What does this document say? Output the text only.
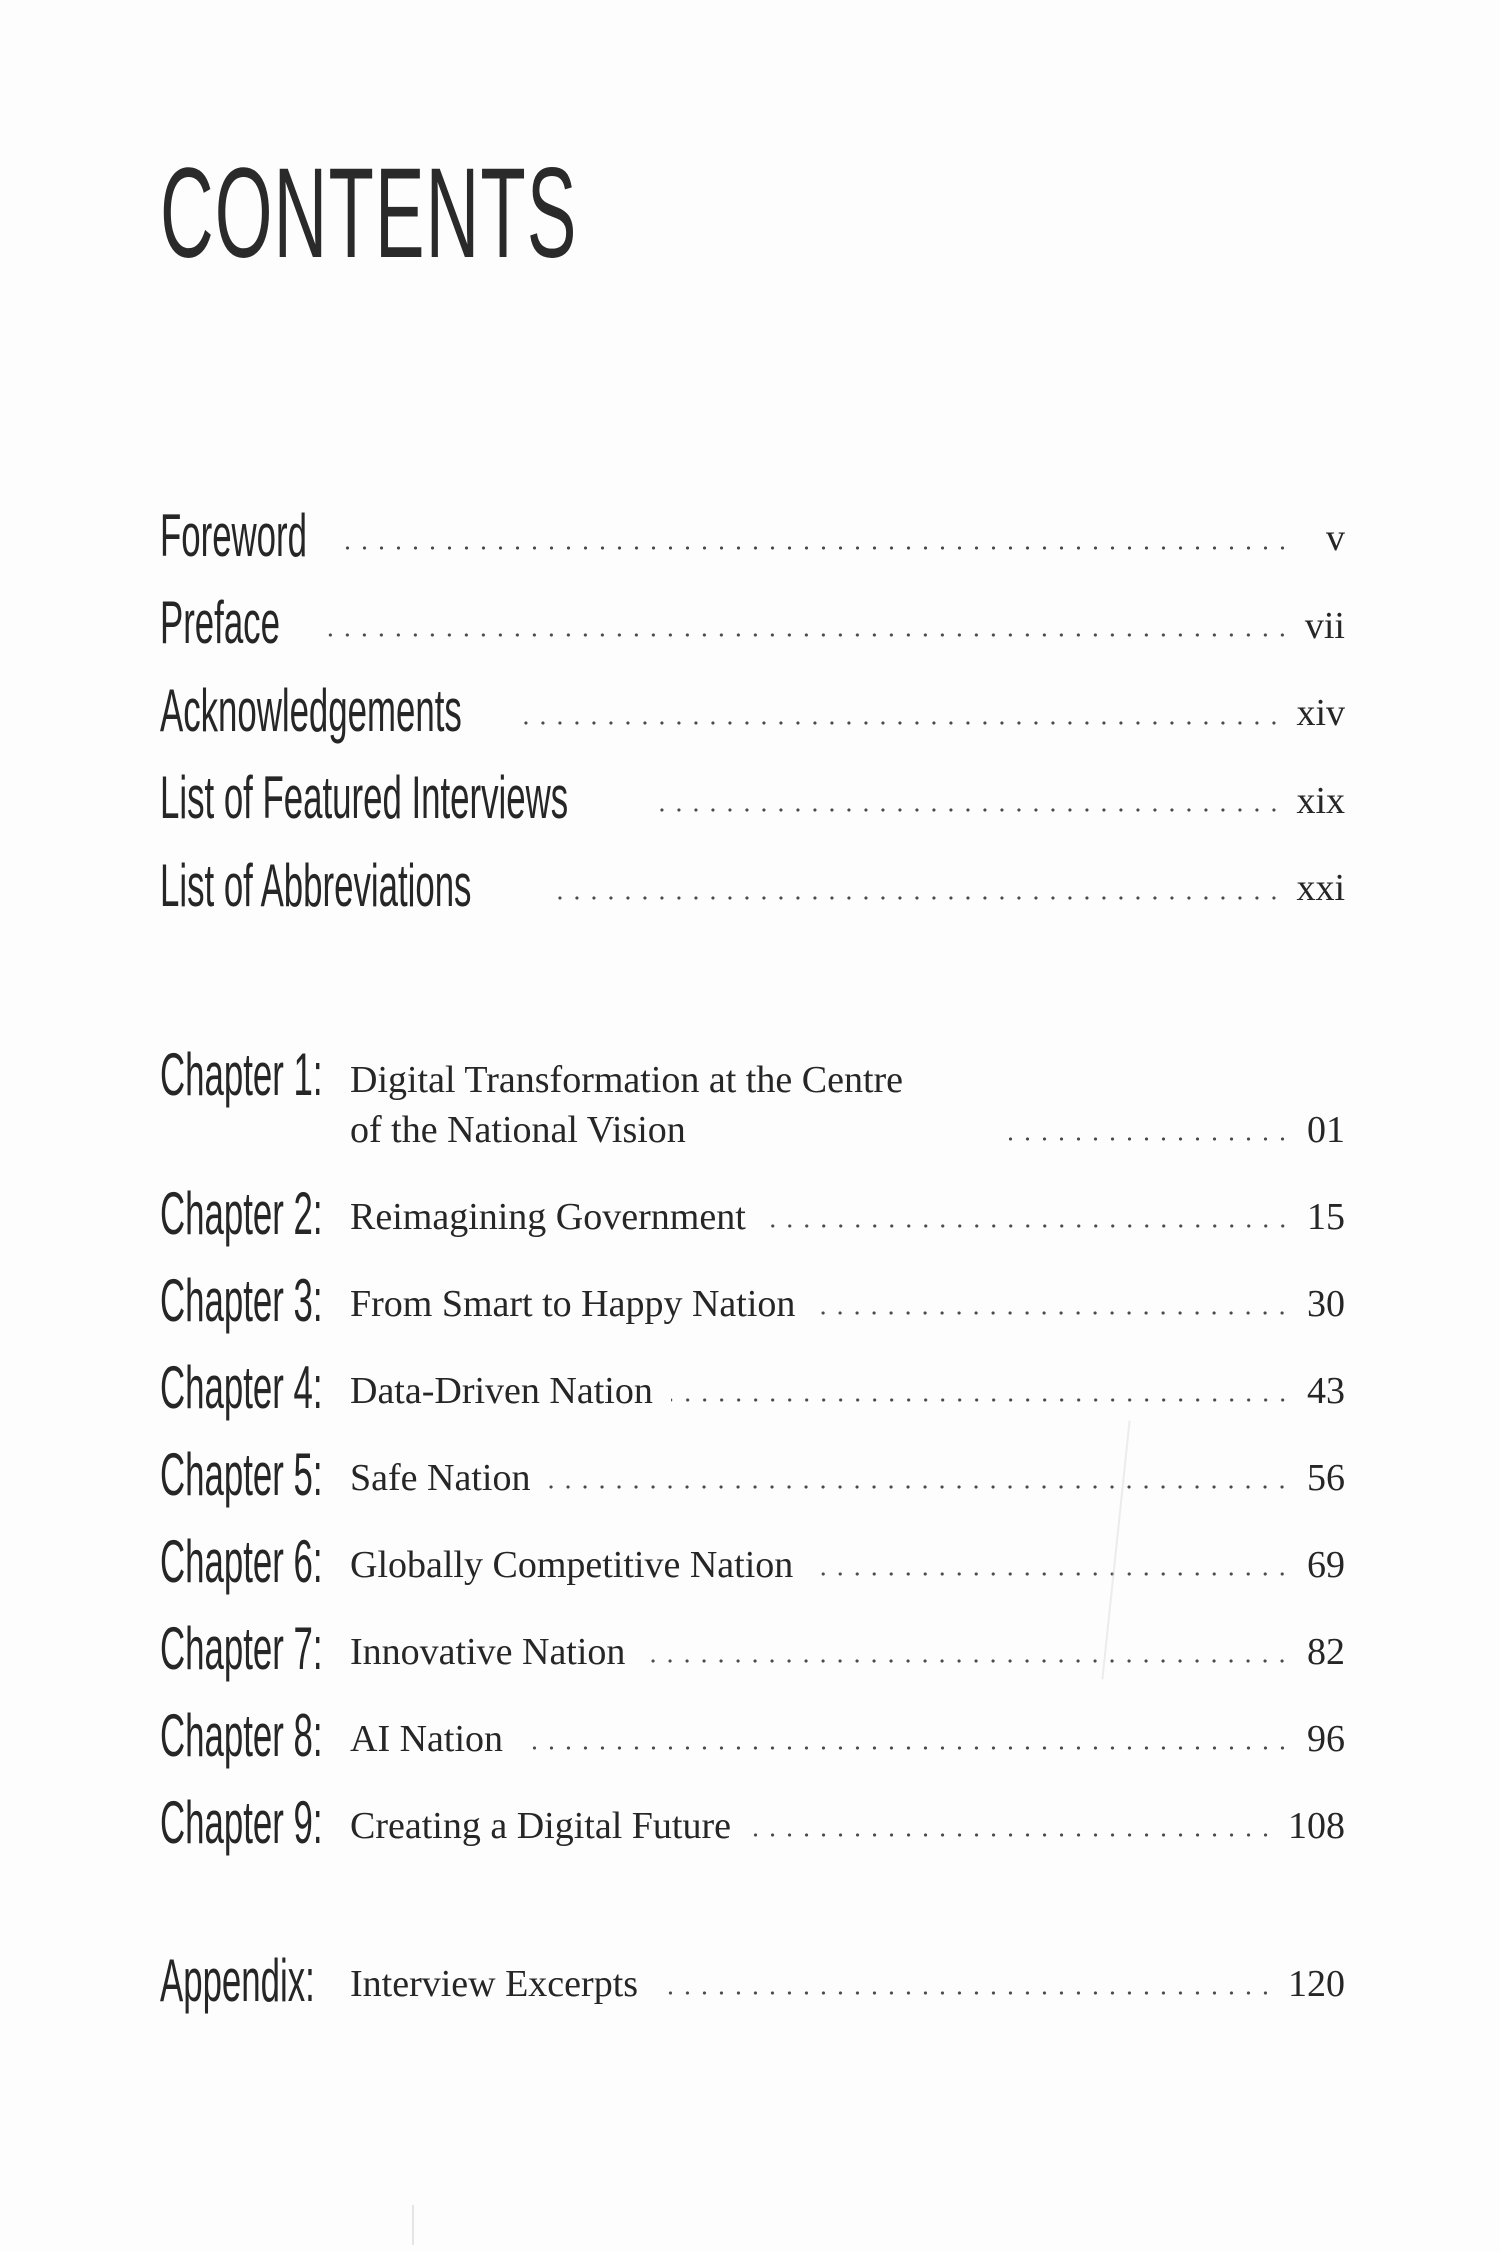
CONTENTS
Foreword	v
Preface	vii
Acknowledgements	xiv
List of Featured Interviews	xix
List of Abbreviations	xxi
Chapter 1: Digital Transformation at the Centre
of the National Vision	01
Chapter 2: Reimagining Government	15
Chapter 3: From Smart to Happy Nation	30
Chapter 4: Data-Driven Nation	43
Chapter 5: Safe Nation	56
Chapter 6: Globally Competitive Nation	69
Chapter 7: Innovative Nation	82
Chapter 8: AI Nation	96
Chapter 9: Creating a Digital Future	108
Appendix: Interview Excerpts	120
